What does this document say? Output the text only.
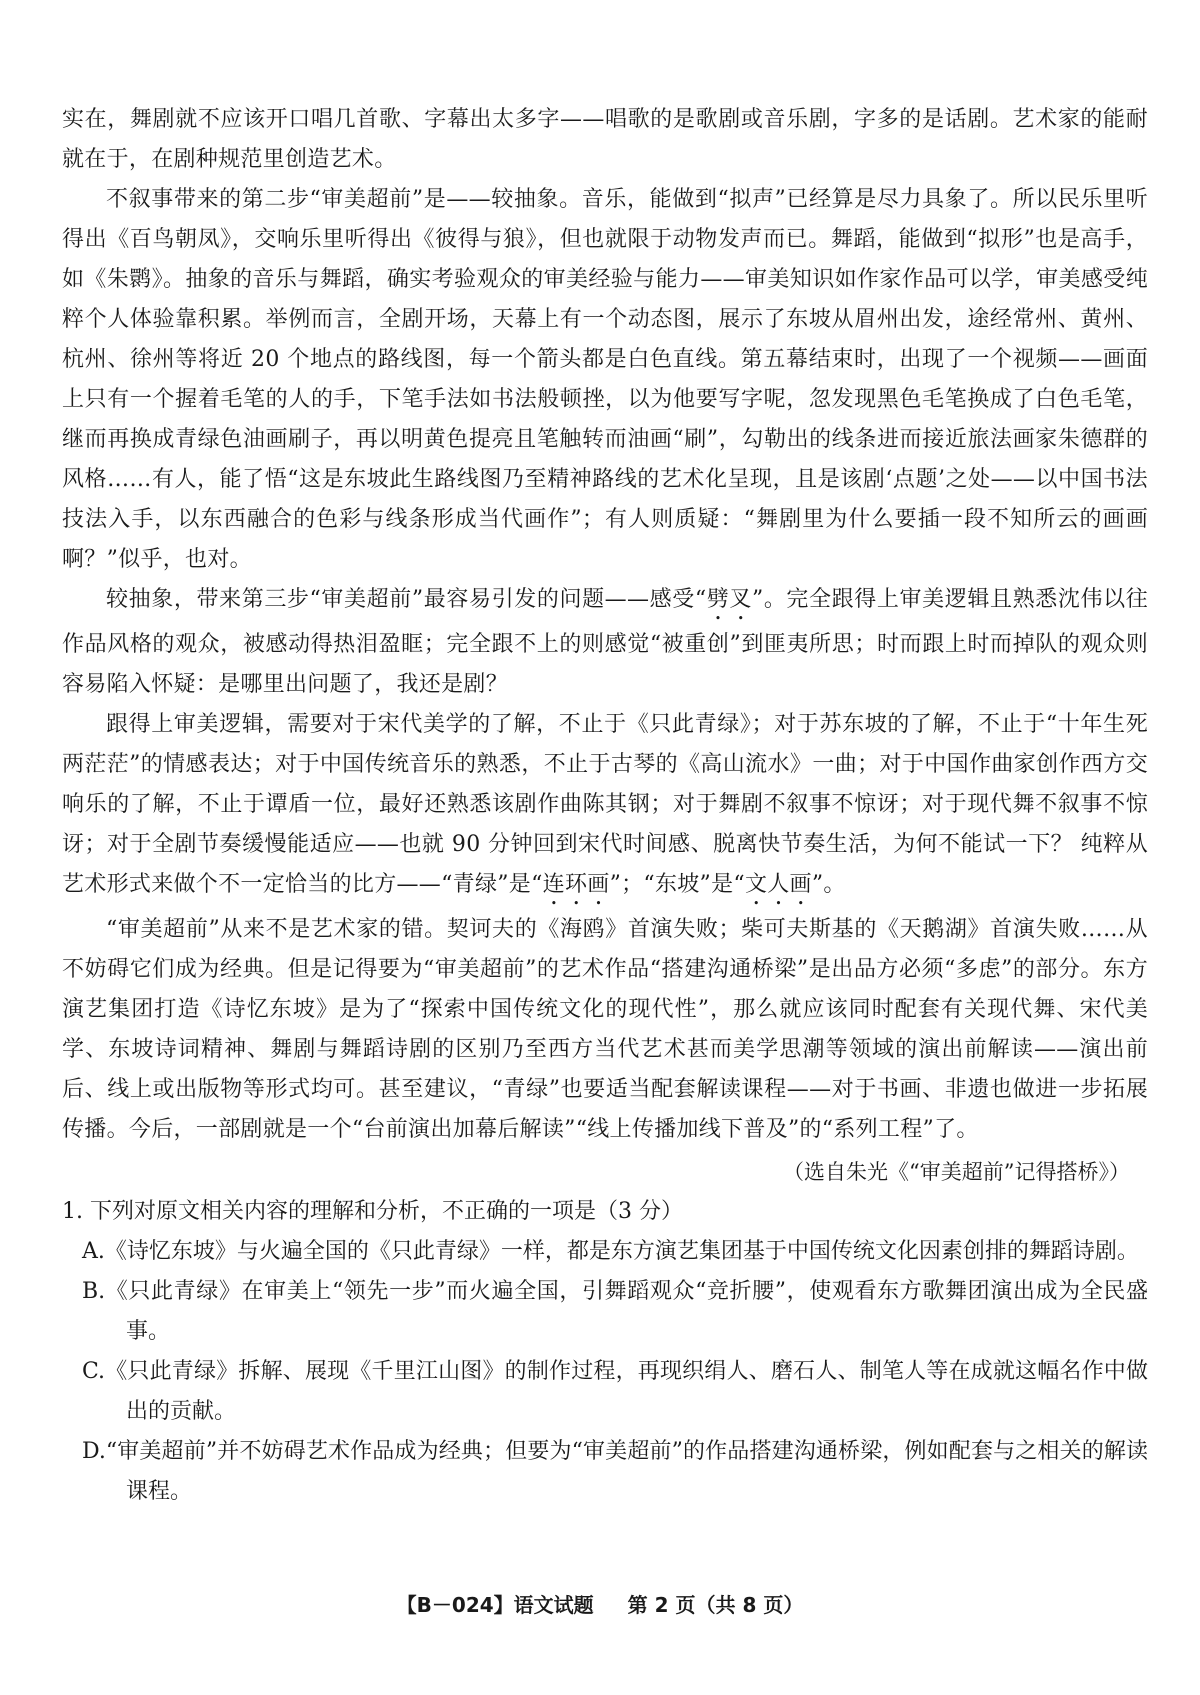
实在，舞剧就不应该开口唱几首歌、字幕出太多字——唱歌的是歌剧或音乐剧，字多的是话剧。艺术家的能耐就在于，在剧种规范里创造艺术。

不叙事带来的第二步“审美超前”是——较抽象。音乐，能做到“拟声”已经算是尽力具象了。所以民乐里听得出《百鸟朝凤》，交响乐里听得出《彼得与狼》，但也就限于动物发声而已。舞蹈，能做到“拟形”也是高手，如《朱鹮》。抽象的音乐与舞蹈，确实考验观众的审美经验与能力——审美知识如作家作品可以学，审美感受纯粹个人体验靠积累。举例而言，全剧开场，天幕上有一个动态图，展示了东坡从眉州出发，途经常州、黄州、杭州、徐州等将近 20 个地点的路线图，每一个箭头都是白色直线。第五幕结束时，出现了一个视频——画面上只有一个握着毛笔的人的手，下笔手法如书法般顿挫，以为他要写字呢，忽发现黑色毛笔换成了白色毛笔，继而再换成青绿色油画刷子，再以明黄色提亮且笔触转而油画“刷”，勾勒出的线条进而接近旅法画家朱德群的风格……有人，能了悟“这是东坡此生路线图乃至精神路线的艺术化呈现，且是该剧‘点题’之处——以中国书法技法入手，以东西融合的色彩与线条形成当代画作”；有人则质疑：“舞剧里为什么要插一段不知所云的画画啊？”似乎，也对。

较抽象，带来第三步“审美超前”最容易引发的问题——感受“劈叉”。完全跟得上审美逻辑且熟悉沈伟以往作品风格的观众，被感动得热泪盈眶；完全跟不上的则感觉“被重创”到匪夷所思；时而跟上时而掉队的观众则容易陷入怀疑：是哪里出问题了，我还是剧？

跟得上审美逻辑，需要对于宋代美学的了解，不止于《只此青绿》；对于苏东坡的了解，不止于“十年生死两茫茫”的情感表达；对于中国传统音乐的熟悉，不止于古琴的《高山流水》一曲；对于中国作曲家创作西方交响乐的了解，不止于谭盾一位，最好还熟悉该剧作曲陈其钢；对于舞剧不叙事不惊讶；对于现代舞不叙事不惊讶；对于全剧节奏缓慢能适应——也就 90 分钟回到宋代时间感、脱离快节奏生活，为何不能试一下？ 纯粹从艺术形式来做个不一定恰当的比方——“青绿”是“连环画”；“东坡”是“文人画”。

“审美超前”从来不是艺术家的错。契诃夫的《海鸥》首演失败；柴可夫斯基的《天鹅湖》首演失败……从不妨碍它们成为经典。但是记得要为“审美超前”的艺术作品“搭建沟通桥梁”是出品方必须“多虑”的部分。东方演艺集团打造《诗忆东坡》是为了“探索中国传统文化的现代性”，那么就应该同时配套有关现代舞、宋代美学、东坡诗词精神、舞剧与舞蹈诗剧的区别乃至西方当代艺术甚而美学思潮等领域的演出前解读——演出前后、线上或出版物等形式均可。甚至建议，“青绿”也要适当配套解读课程——对于书画、非遗也做进一步拓展传播。今后，一部剧就是一个“台前演出加幕后解读”“线上传播加线下普及”的“系列工程”了。

（选自朱光《“审美超前”记得搭桥》）

1. 下列对原文相关内容的理解和分析，不正确的一项是（3 分）

A.《诗忆东坡》与火遍全国的《只此青绿》一样，都是东方演艺集团基于中国传统文化因素创排的舞蹈诗剧。

B.《只此青绿》在审美上“领先一步”而火遍全国，引舞蹈观众“竞折腰”，使观看东方歌舞团演出成为全民盛事。

C.《只此青绿》拆解、展现《千里江山图》的制作过程，再现织绢人、磨石人、制笔人等在成就这幅名作中做出的贡献。

D.“审美超前”并不妨碍艺术作品成为经典；但要为“审美超前”的作品搭建沟通桥梁，例如配套与之相关的解读课程。

【B－024】语文试题 第 2 页（共 8 页）
